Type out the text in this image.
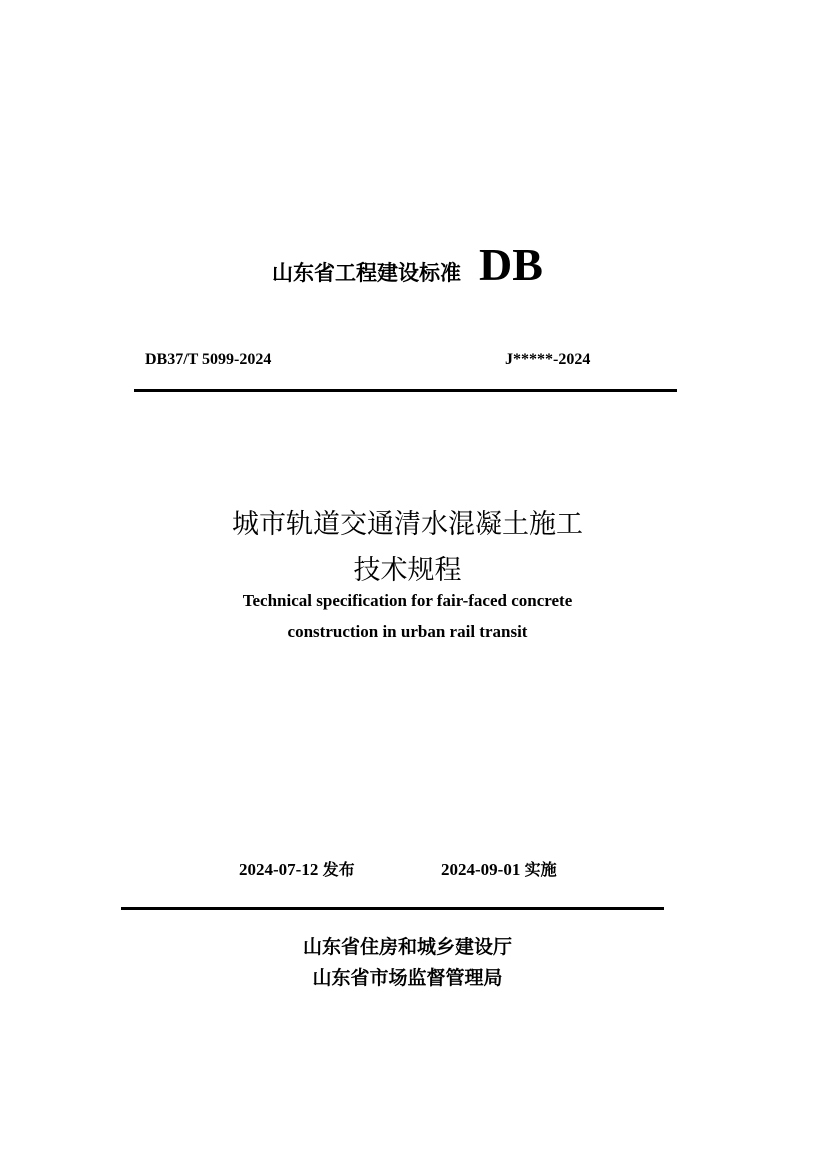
山东省工程建设标准 DB
DB37/T 5099-2024	J*****-2024
城市轨道交通清水混凝土施工
技术规程
Technical specification for fair-faced concrete
construction in urban rail transit
2024-07-12 发布	2024-09-01 实施
山东省住房和城乡建设厅
山东省市场监督管理局
